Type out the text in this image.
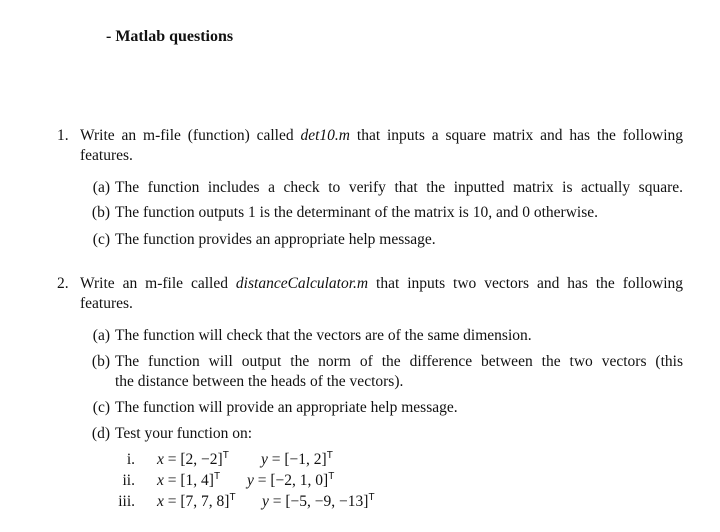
- Matlab questions
1. Write an m-file (function) called det10.m that inputs a square matrix and has the following
features.
(a) The function includes a check to verify that the inputted matrix is actually square.
(b) The function outputs 1 is the determinant of the matrix is 10, and 0 otherwise.
(c) The function provides an appropriate help message.
2. Write an m-file called distanceCalculator.m that inputs two vectors and has the following
features.
(a) The function will check that the vectors are of the same dimension.
(b) The function will output the norm of the difference between the two vectors (this
the distance between the heads of the vectors).
(c) The function will provide an appropriate help message.
(d) Test your function on:
i. x = [2, −2]$^T$ y = [−1, 2]$^T$
ii. x = [1, 4]$^T$ y = [−2, 1, 0]$^T$
iii. x = [7, 7, 8]$^T$ y = [−5, −9, −13]$^T$
